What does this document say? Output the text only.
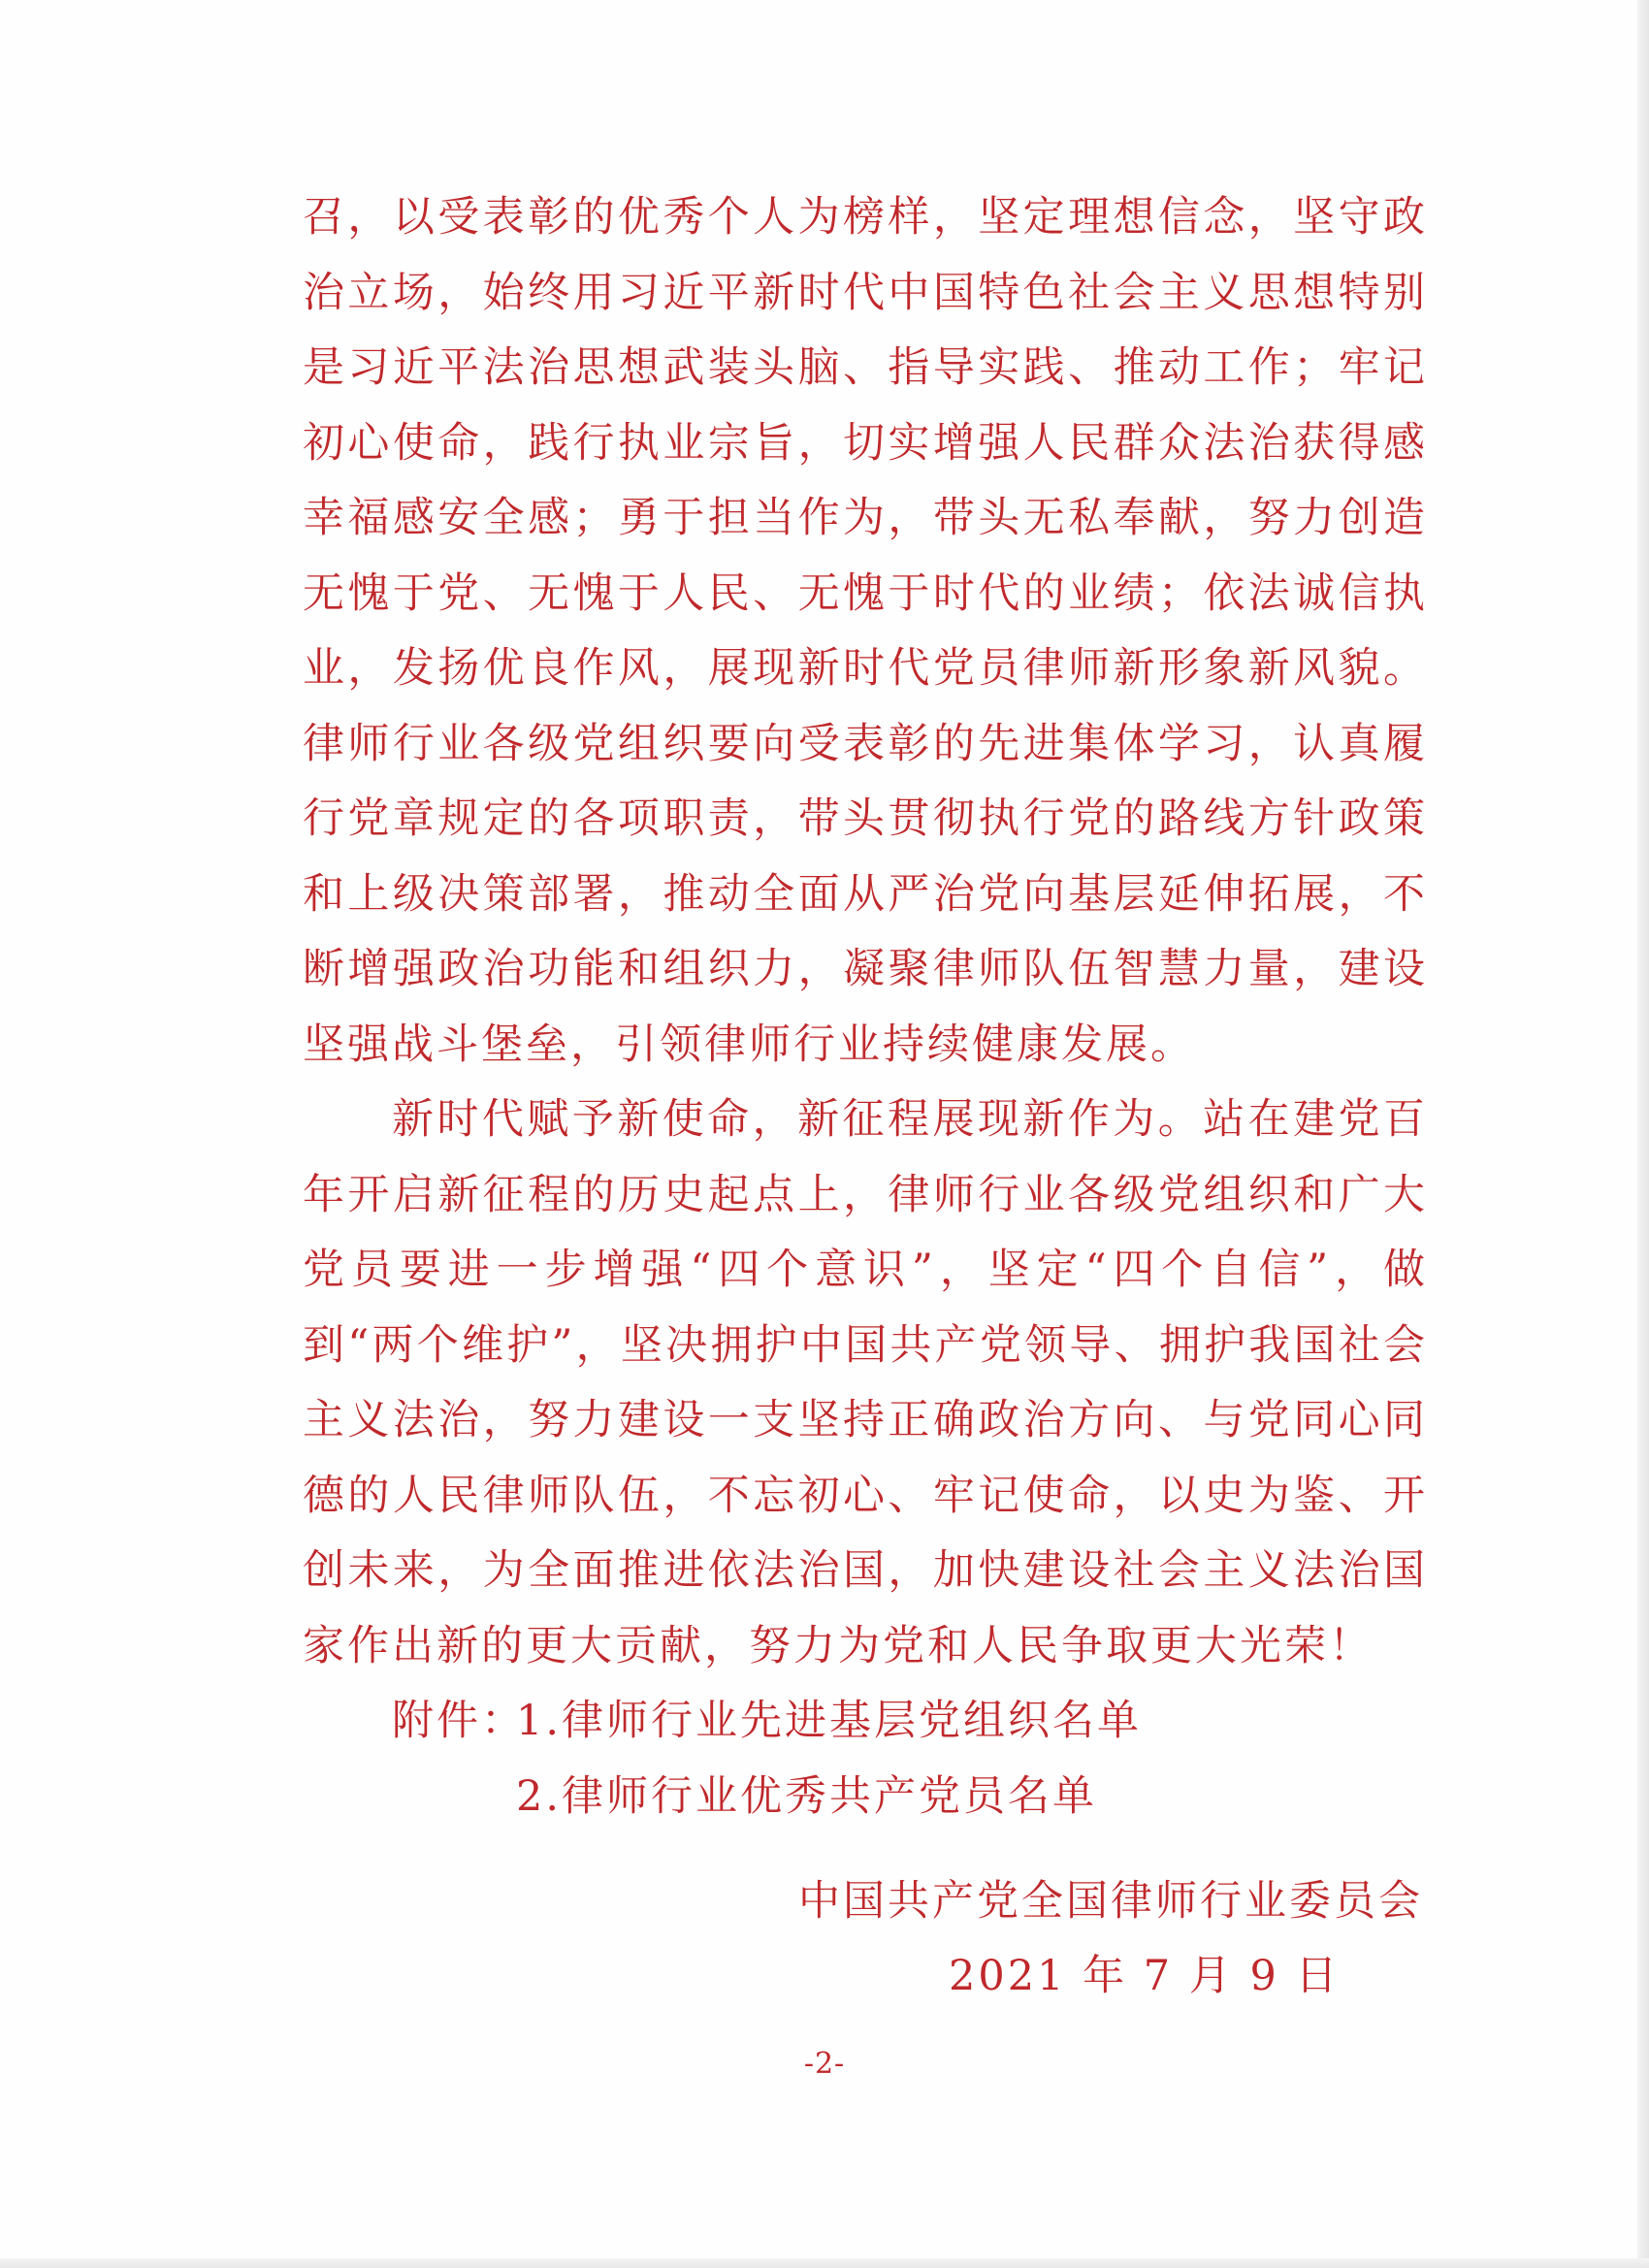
召，以受表彰的优秀个人为榜样，坚定理想信念，坚守政治立场，始终用习近平新时代中国特色社会主义思想特别是习近平法治思想武装头脑、指导实践、推动工作；牢记初心使命，践行执业宗旨，切实增强人民群众法治获得感幸福感安全感；勇于担当作为，带头无私奉献，努力创造无愧于党、无愧于人民、无愧于时代的业绩；依法诚信执业，发扬优良作风，展现新时代党员律师新形象新风貌。律师行业各级党组织要向受表彰的先进集体学习，认真履行党章规定的各项职责，带头贯彻执行党的路线方针政策和上级决策部署，推动全面从严治党向基层延伸拓展，不断增强政治功能和组织力，凝聚律师队伍智慧力量，建设坚强战斗堡垒，引领律师行业持续健康发展。

新时代赋予新使命，新征程展现新作为。站在建党百年开启新征程的历史起点上，律师行业各级党组织和广大党员要进一步增强“四个意识”，坚定“四个自信”，做到“两个维护”，坚决拥护中国共产党领导、拥护我国社会主义法治，努力建设一支坚持正确政治方向、与党同心同德的人民律师队伍，不忘初心、牢记使命，以史为鉴、开创未来，为全面推进依法治国，加快建设社会主义法治国家作出新的更大贡献，努力为党和人民争取更大光荣！

附件：1.律师行业先进基层党组织名单

2.律师行业优秀共产党员名单

中国共产党全国律师行业委员会
2021 年 7 月 9 日
-2-
